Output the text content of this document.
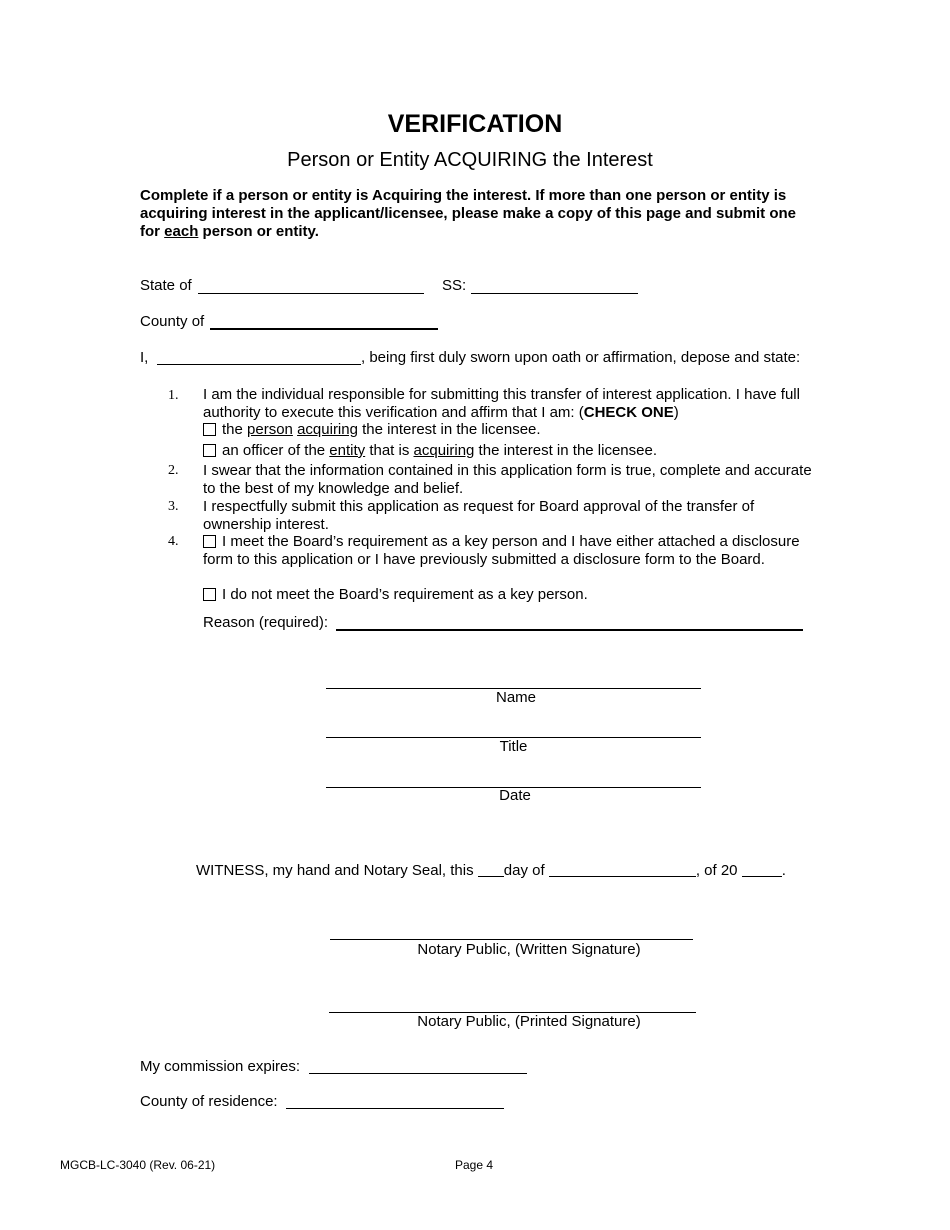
VERIFICATION
Person or Entity ACQUIRING the Interest
Complete if a person or entity is Acquiring the interest. If more than one person or entity is acquiring interest in the applicant/licensee, please make a copy of this page and submit one for each person or entity.
State of	SS:
County of
I,	, being first duly sworn upon oath or affirmation, depose and state:
1.
2.
3.
4.
I am the individual responsible for submitting this transfer of interest application. I have full authority to execute this verification and affirm that I am: (CHECK ONE)
the person acquiring the interest in the licensee.
an officer of the entity that is acquiring the interest in the licensee.
I swear that the information contained in this application form is true, complete and accurate to the best of my knowledge and belief.
I respectfully submit this application as request for Board approval of the transfer of ownership interest.
I meet the Board’s requirement as a key person and I have either attached a disclosure form to this application or I have previously submitted a disclosure form to the Board.
I do not meet the Board’s requirement as a key person.
Reason (required):
Name
Title
Date
WITNESS, my hand and Notary Seal, this day of	, of 20	.
Notary Public, (Written Signature)
Notary Public, (Printed Signature)
My commission expires:
County of residence:
MGCB-LC-3040 (Rev. 06-21)	Page 4
